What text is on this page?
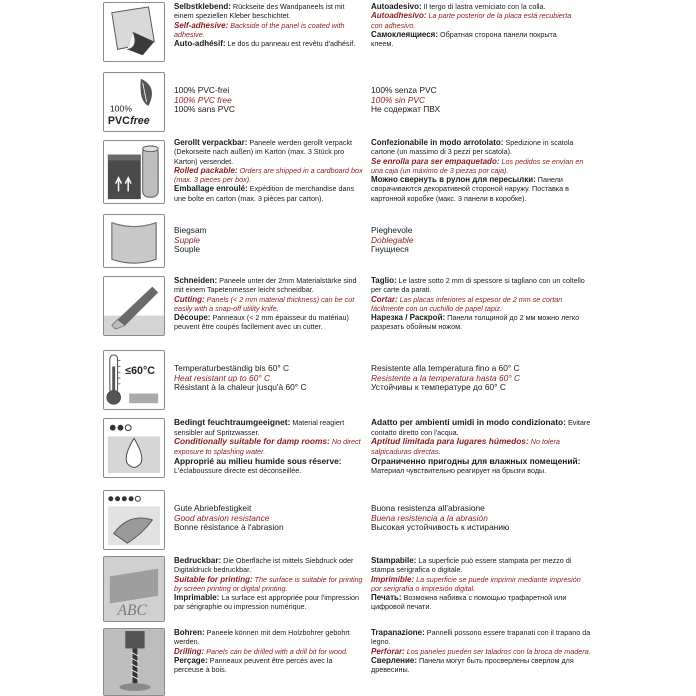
Selbstklebend: Rückseite des Wandpaneels ist mit einem speziellen Kleber beschichtet.
Self-adhesive: Backside of the panel is coated with adhesive.
Auto-adhésif: Le dos du panneau est revêtu d'adhésif.
Autoadesivo: Il tergo di lastra verniciato con la colla.
Autoadhesivo: La parte posterior de la placa está recubierta con adhesivo.
Самоклеящиеся: Обратная сторона панели покрыта клеем.
100%
PVC free
100% PVC-frei
100% PVC free
100% sans PVC
100% senza PVC
100% sin PVC
Не содержат ПВХ
Gerollt verpackbar: Paneele werden gerollt verpackt (Dekorseite nach außen) im Karton (max. 3 Stück pro Karton) versendet.
Rolled packable: Orders are shipped in a cardboard box (max. 3 pieces per box).
Emballage enroulé: Expédition de merchandise dans une boîte en carton (max. 3 pièces par carton).
Confezionabile in modo arrotolato: Spedizione in scatola cartone (un massimo di 3 pezzi per scatola).
Se enrolla para ser empaquetado: Los pedidos se envían en una caja (un máximo de 3 piezas por caja).
Можно свернуть в рулон для пересылки: Панели сворачиваются декоративной стороной наружу. Поставка в картонной коробке (макс. 3 панели в коробке).
Biegsam
Supple
Souple
Pieghevole
Doblegable
Гнущиеся
Schneiden: Paneele unter der 2mm Materialstärke sind mit einem Tapetenmesser leicht schneidbar.
Cutting: Panels (< 2 mm material thickness) can be cut easily with a snap-off utility knife.
Découpe: Panneaux (< 2 mm épaisseur du matériau) peuvent être coupés facilement avec un cutter.
Taglio: Le lastre sotto 2 mm di spessore si tagliano con un coltello per carte da parati.
Cortar: Las placas inferiores al espesor de 2 mm se cortan fácilmente con un cuchillo de papel tapiz.
Нарезка / Раскрой: Панели толщиной до 2 мм можно легко разрезать обойным ножом.
≤60°C Temperaturbeständig bis 60° C
Heat resistant up to 60° C
Résistant à la chaleur jusqu'à 60° C
Resistente alla temperatura fino a 60° C
Resistente a la temperatura hasta 60° C
Устойчивы к температуре до 60° C
Bedingt feuchtraumgeeignet: Material reagiert sensibler auf Spritzwasser.
Conditionally suitable for damp rooms: No direct exposure to splashing water.
Approprié au milieu humide sous réserve: L'éclaboussure directe est déconseillée.
Adatto per ambienti umidi in modo condizionato: Evitare contatto diretto con l'acqua.
Aptitud limitada para lugares húmedos: No tolera salpicaduras directas.
Ограниченно пригодны для влажных помещений: Материал чувствительно реагирует на брызги воды.
Gute Abriebfestigkeit
Good abrasion resistance
Bonne résistance à l'abrasion
Buona resistenza all'abrasione
Buena resistencia a la abrasión
Высокая устойчивость к истиранию
ABC
Bedruckbar: Die Oberfläche ist mittels Siebdruck oder Digitaldruck bedruckbar.
Suitable for printing: The surface is suitable for printing by screen printing or digital printing.
Imprimable: La surface est appropriée pour l'impression par sérigraphie ou impression numérique.
Stampabile: La superficie può essere stampata per mezzo di stampa serigrafica o digitale.
Imprimible: La superficie se puede imprimir mediante impresión por serigrafía o impresión digital.
Печать: Возможна набивка с помощью трафаретной или цифровой печати.
Bohren: Paneele können mit dem Holzbohrer gebohrt werden.
Drilling: Panels can be drilled with a drill bit for wood.
Perçage: Panneaux peuvent être percés avec la perceuse à bois.
Trapanazione: Pannelli possono essere trapanati con il trapano da legno.
Perforar: Los paneles pueden ser taladros con la broca de madera.
Сверление: Панели могут быть просверлены сверлом для древесины.
